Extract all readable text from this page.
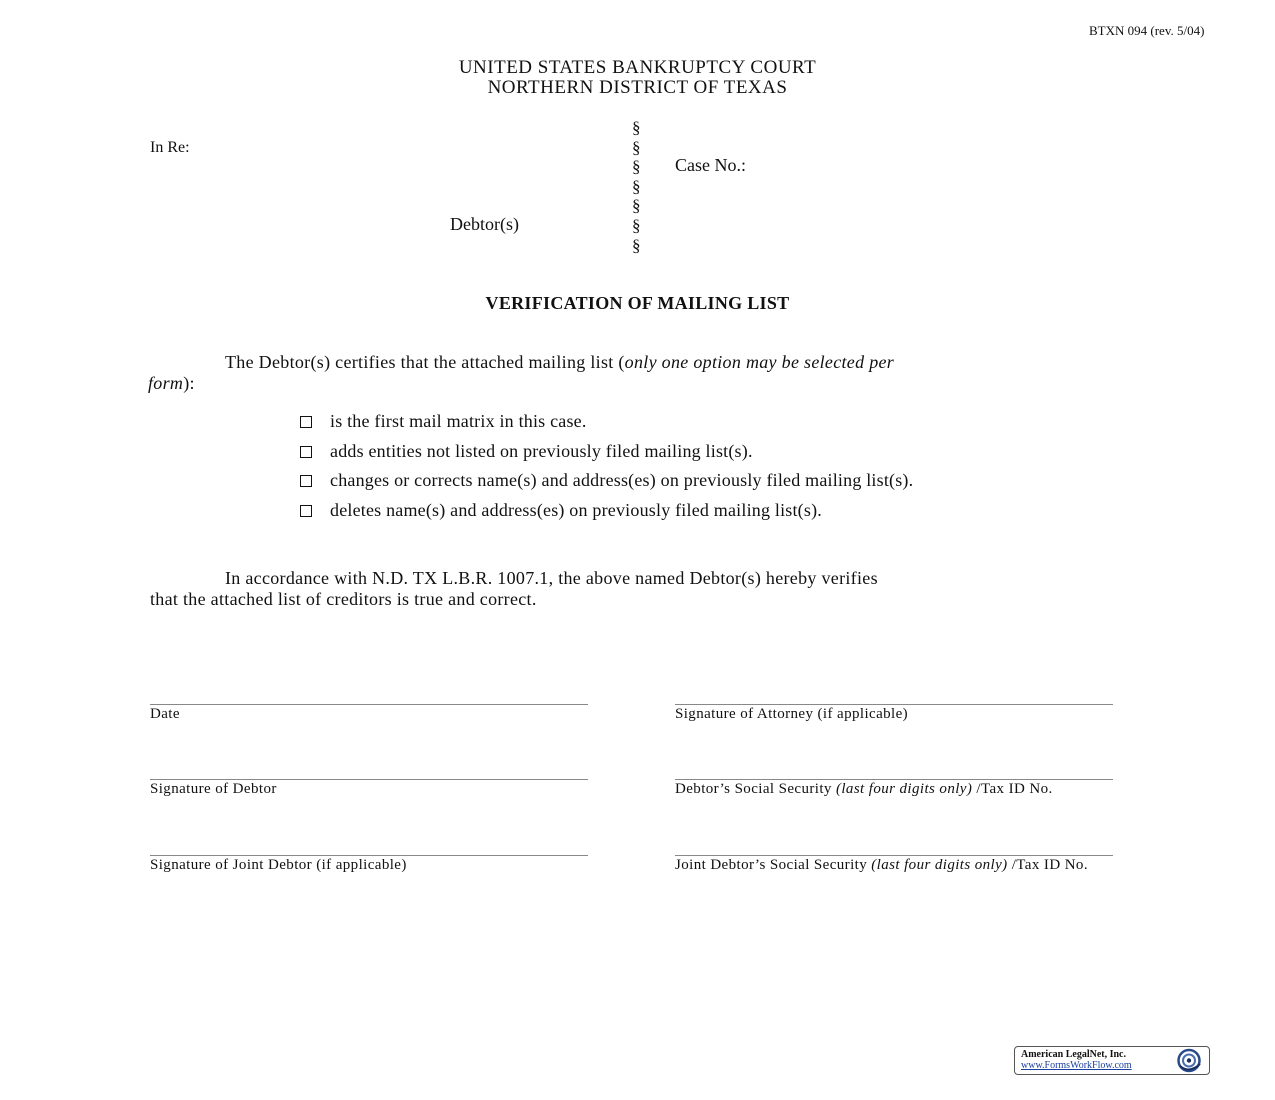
BTXN 094 (rev. 5/04)
UNITED STATES BANKRUPTCY COURT
NORTHERN DISTRICT OF TEXAS
In Re:
Debtor(s)
§
§
§
§
§
§
§
Case No.:
VERIFICATION OF MAILING LIST
The Debtor(s) certifies that the attached mailing list (only one option may be selected per
form):
is the first mail matrix in this case.
adds entities not listed on previously filed mailing list(s).
changes or corrects name(s) and address(es) on previously filed mailing list(s).
deletes name(s) and address(es) on previously filed mailing list(s).
In accordance with N.D. TX L.B.R. 1007.1, the above named Debtor(s) hereby verifies
that the attached list of creditors is true and correct.
Date	Signature of Attorney (if applicable)
Signature of Debtor	Debtor’s Social Security (last four digits only) /Tax ID No.
Signature of Joint Debtor (if applicable)	Joint Debtor’s Social Security (last four digits only) /Tax ID No.
American LegalNet, Inc.
www.FormsWorkFlow.com
